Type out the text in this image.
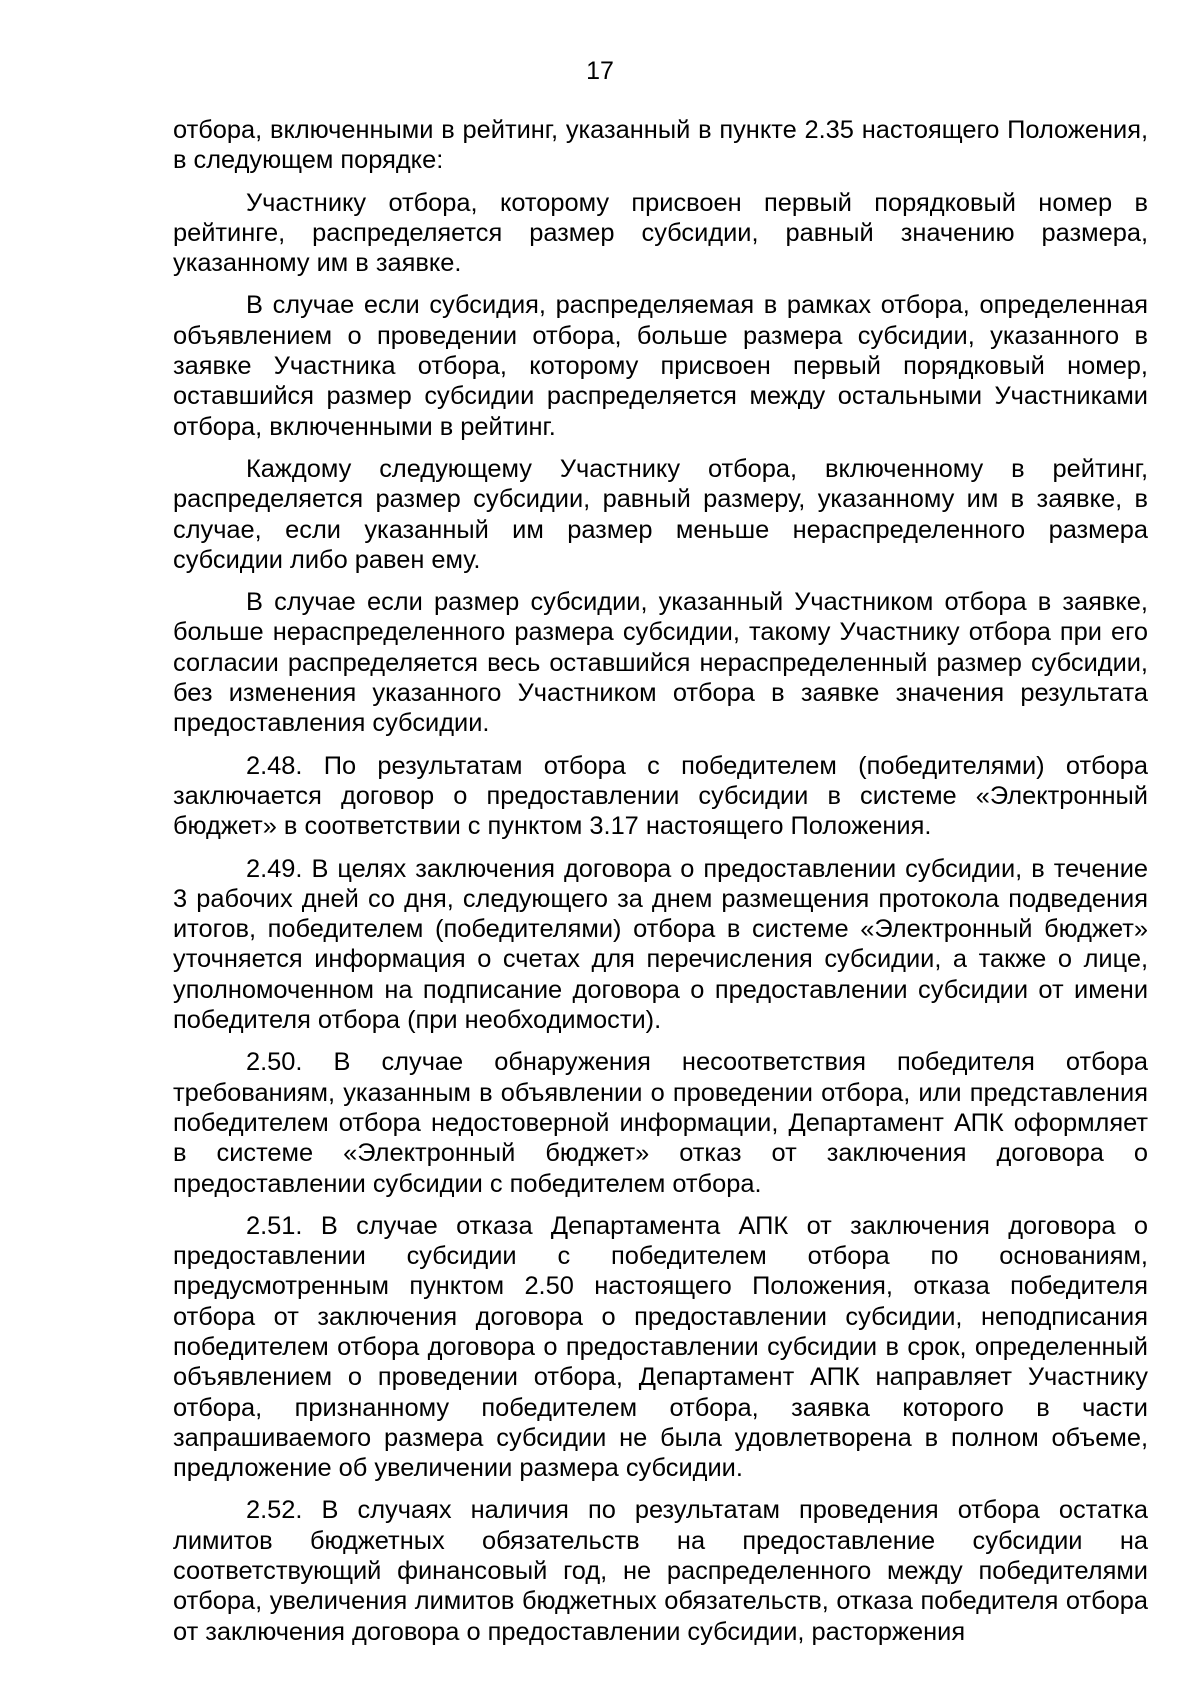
17

отбора, включенными в рейтинг, указанный в пункте 2.35 настоящего Положения, в следующем порядке:

Участнику отбора, которому присвоен первый порядковый номер в рейтинге, распределяется размер субсидии, равный значению размера, указанному им в заявке.

В случае если субсидия, распределяемая в рамках отбора, определенная объявлением о проведении отбора, больше размера субсидии, указанного в заявке Участника отбора, которому присвоен первый порядковый номер, оставшийся размер субсидии распределяется между остальными Участниками отбора, включенными в рейтинг.

Каждому следующему Участнику отбора, включенному в рейтинг, распределяется размер субсидии, равный размеру, указанному им в заявке, в случае, если указанный им размер меньше нераспределенного размера субсидии либо равен ему.

В случае если размер субсидии, указанный Участником отбора в заявке, больше нераспределенного размера субсидии, такому Участнику отбора при его согласии распределяется весь оставшийся нераспределенный размер субсидии, без изменения указанного Участником отбора в заявке значения результата предоставления субсидии.

2.48. По результатам отбора с победителем (победителями) отбора заключается договор о предоставлении субсидии в системе «Электронный бюджет» в соответствии с пунктом 3.17 настоящего Положения.

2.49. В целях заключения договора о предоставлении субсидии, в течение 3 рабочих дней со дня, следующего за днем размещения протокола подведения итогов, победителем (победителями) отбора в системе «Электронный бюджет» уточняется информация о счетах для перечисления субсидии, а также о лице, уполномоченном на подписание договора о предоставлении субсидии от имени победителя отбора (при необходимости).

2.50. В случае обнаружения несоответствия победителя отбора требованиям, указанным в объявлении о проведении отбора, или представления победителем отбора недостоверной информации, Департамент АПК оформляет в системе «Электронный бюджет» отказ от заключения договора о предоставлении субсидии с победителем отбора.

2.51. В случае отказа Департамента АПК от заключения договора о предоставлении субсидии с победителем отбора по основаниям, предусмотренным пунктом 2.50 настоящего Положения, отказа победителя отбора от заключения договора о предоставлении субсидии, неподписания победителем отбора договора о предоставлении субсидии в срок, определенный объявлением о проведении отбора, Департамент АПК направляет Участнику отбора, признанному победителем отбора, заявка которого в части запрашиваемого размера субсидии не была удовлетворена в полном объеме, предложение об увеличении размера субсидии.

2.52. В случаях наличия по результатам проведения отбора остатка лимитов бюджетных обязательств на предоставление субсидии на соответствующий финансовый год, не распределенного между победителями отбора, увеличения лимитов бюджетных обязательств, отказа победителя отбора от заключения договора о предоставлении субсидии, расторжения
